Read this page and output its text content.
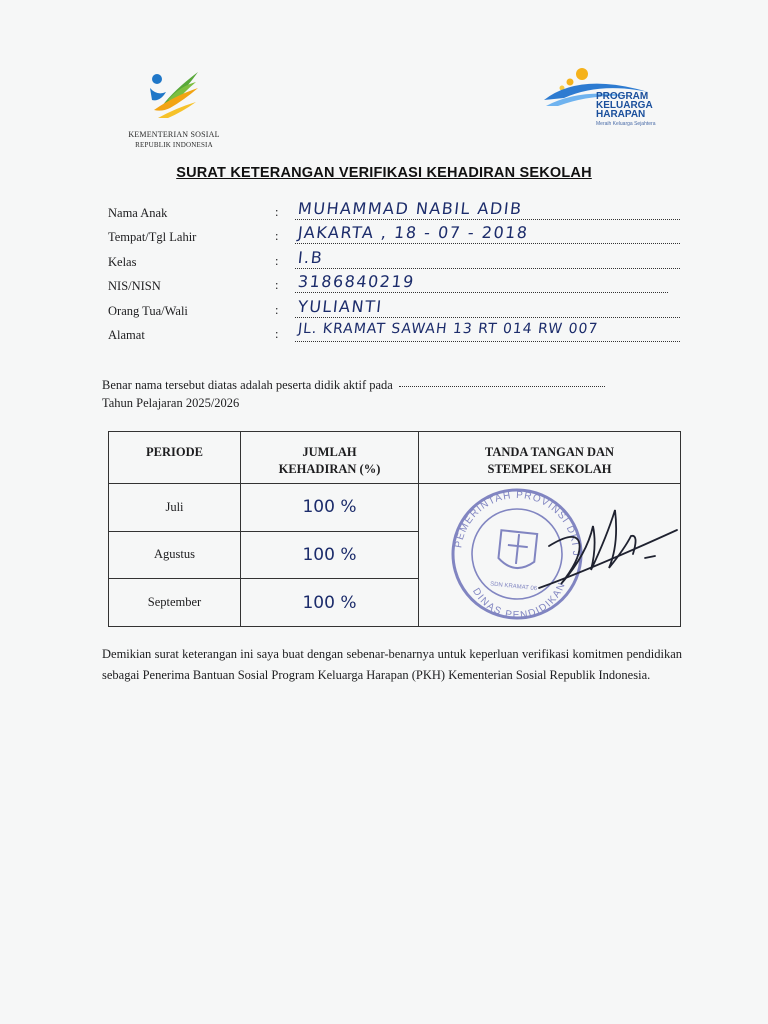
KEMENTERIAN SOSIAL
REPUBLIK INDONESIA
PROGRAM
KELUARGA
HARAPAN
Meraih Keluarga Sejahtera
SURAT KETERANGAN VERIFIKASI KEHADIRAN SEKOLAH
Nama Anak	: MUHAMMAD NABIL ADIB
Tempat/Tgl Lahir	: JAKARTA , 18 - 07 - 2018
Kelas	: I.B
NIS/NISN	: 3186840219
Orang Tua/Wali	: YULIANTI
Alamat	: JL. KRAMAT SAWAH 13 RT 014 RW 007
Benar nama tersebut diatas adalah peserta didik aktif pada
Tahun Pelajaran 2025/2026
PERIODE	JUMLAH KEHADIRAN (%)	TANDA TANGAN DAN STEMPEL SEKOLAH

Juli	100 %	PEMERINTAH PROVINSI DKI JAKARTA
DINAS PENDIDIKAN
SDN KRAMAT 06

Agustus	100 %	
September	100 %	
Demikian surat keterangan ini saya buat dengan sebenar-benarnya untuk keperluan verifikasi komitmen pendidikan sebagai Penerima Bantuan Sosial Program Keluarga Harapan (PKH) Kementerian Sosial Republik Indonesia.
